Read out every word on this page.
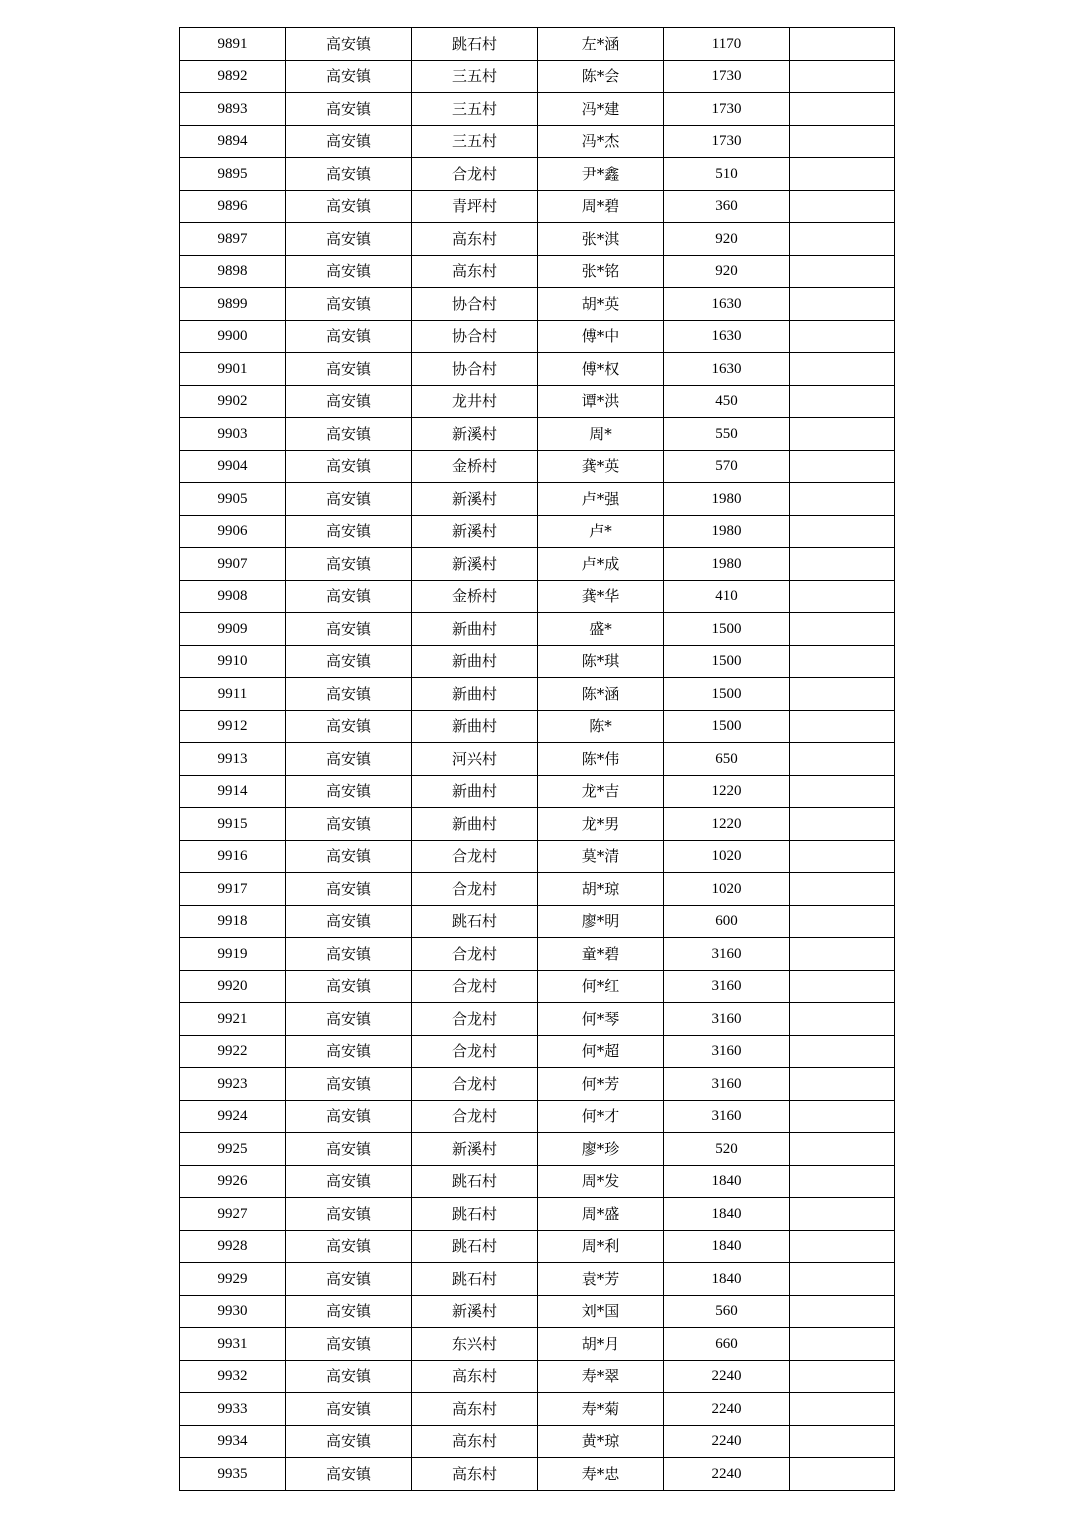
9891	高安镇	跳石村	左*涵	1170	
9892	高安镇	三五村	陈*会	1730	
9893	高安镇	三五村	冯*建	1730	
9894	高安镇	三五村	冯*杰	1730	
9895	高安镇	合龙村	尹*鑫	510	
9896	高安镇	青坪村	周*碧	360	
9897	高安镇	高东村	张*淇	920	
9898	高安镇	高东村	张*铭	920	
9899	高安镇	协合村	胡*英	1630	
9900	高安镇	协合村	傅*中	1630	
9901	高安镇	协合村	傅*权	1630	
9902	高安镇	龙井村	谭*洪	450	
9903	高安镇	新溪村	周*	550	
9904	高安镇	金桥村	龚*英	570	
9905	高安镇	新溪村	卢*强	1980	
9906	高安镇	新溪村	卢*	1980	
9907	高安镇	新溪村	卢*成	1980	
9908	高安镇	金桥村	龚*华	410	
9909	高安镇	新曲村	盛*	1500	
9910	高安镇	新曲村	陈*琪	1500	
9911	高安镇	新曲村	陈*涵	1500	
9912	高安镇	新曲村	陈*	1500	
9913	高安镇	河兴村	陈*伟	650	
9914	高安镇	新曲村	龙*吉	1220	
9915	高安镇	新曲村	龙*男	1220	
9916	高安镇	合龙村	莫*清	1020	
9917	高安镇	合龙村	胡*琼	1020	
9918	高安镇	跳石村	廖*明	600	
9919	高安镇	合龙村	童*碧	3160	
9920	高安镇	合龙村	何*红	3160	
9921	高安镇	合龙村	何*琴	3160	
9922	高安镇	合龙村	何*超	3160	
9923	高安镇	合龙村	何*芳	3160	
9924	高安镇	合龙村	何*才	3160	
9925	高安镇	新溪村	廖*珍	520	
9926	高安镇	跳石村	周*发	1840	
9927	高安镇	跳石村	周*盛	1840	
9928	高安镇	跳石村	周*利	1840	
9929	高安镇	跳石村	袁*芳	1840	
9930	高安镇	新溪村	刘*国	560	
9931	高安镇	东兴村	胡*月	660	
9932	高安镇	高东村	寿*翠	2240	
9933	高安镇	高东村	寿*菊	2240	
9934	高安镇	高东村	黄*琼	2240	
9935	高安镇	高东村	寿*忠	2240	
